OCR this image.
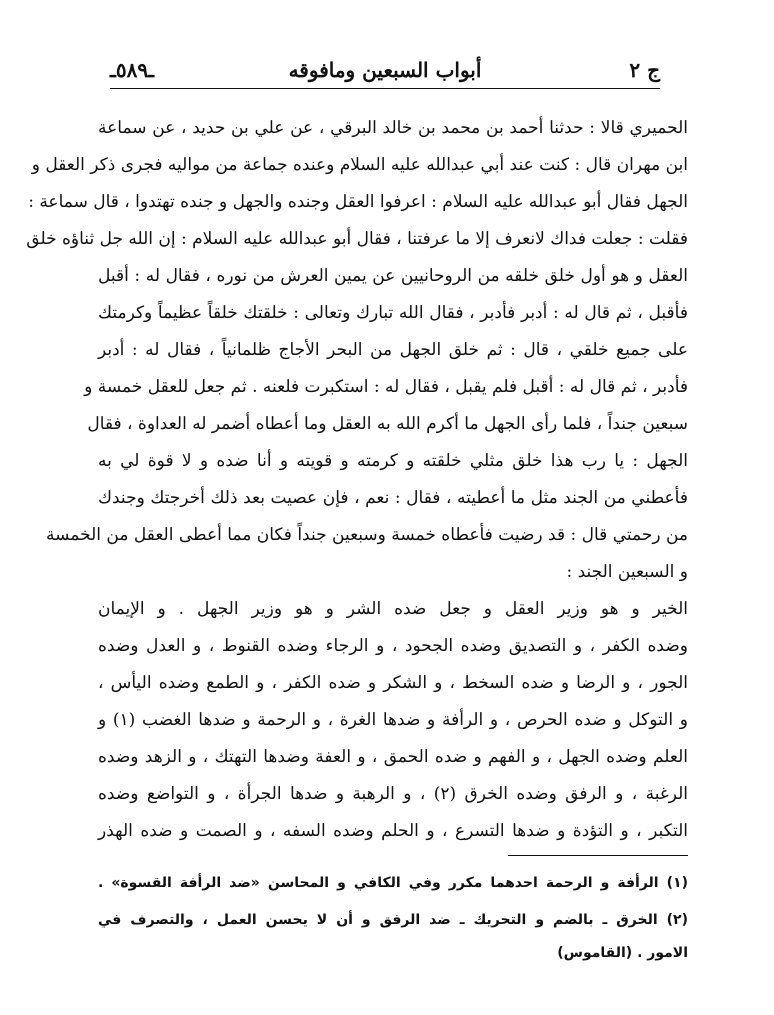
ج ٢
أبواب السبعين ومافوقه
ـ٥٨٩ـ
الحميري قالا : حدثنا أحمد بن محمد بن خالد البرقي ، عن علي بن حديد ، عن سماعة
ابن مهران قال : كنت عند أبي عبدالله عليه السلام وعنده جماعة من مواليه فجرى ذكر العقل و
الجهل فقال أبو عبدالله عليه السلام : اعرفوا العقل وجنده والجهل و جنده تهتدوا ، قال سماعة :
فقلت : جعلت فداك لانعرف إلا ما عرفتنا ، فقال أبو عبدالله عليه السلام : إن الله جل ثناؤه خلق
العقل و هو أول خلق خلقه من الروحانيين عن يمين العرش من نوره ، فقال له : أقبل
فأقبل ، ثم قال له : أدبر فأدبر ، فقال الله تبارك وتعالى : خلقتك خلقاً عظيماً وكرمتك
على جميع خلقي ، قال : ثم خلق الجهل من البحر الأجاج ظلمانياً ، فقال له : أدبر
فأدبر ، ثم قال له : أقبل فلم يقبل ، فقال له : استكبرت فلعنه . ثم جعل للعقل خمسة و
سبعين جنداً ، فلما رأى الجهل ما أكرم الله به العقل وما أعطاه أضمر له العداوة ، فقال
الجهل : يا رب هذا خلق مثلي خلقته و كرمته و قويته و أنا ضده و لا قوة لي به
فأعطني من الجند مثل ما أعطيته ، فقال : نعم ، فإن عصيت بعد ذلك أخرجتك وجندك
من رحمتي قال : قد رضيت فأعطاه خمسة وسبعين جنداً فكان مما أعطى العقل من الخمسة
و السبعين الجند :
الخير و هو وزير العقل و جعل ضده الشر و هو وزير الجهل . و الإيمان
وضده الكفر ، و التصديق وضده الجحود ، و الرجاء وضده القنوط ، و العدل وضده
الجور ، و الرضا و ضده السخط ، و الشكر و ضده الكفر ، و الطمع وضده اليأس ،
و التوكل و ضده الحرص ، و الرأفة و ضدها الغرة ، و الرحمة و ضدها الغضب (١) و
العلم وضده الجهل ، و الفهم و ضده الحمق ، و العفة وضدها التهتك ، و الزهد وضده
الرغبة ، و الرفق وضده الخرق (٢) ، و الرهبة و ضدها الجرأة ، و التواضع وضده
التكبر ، و التؤدة و ضدها التسرع ، و الحلم وضده السفه ، و الصمت و ضده الهذر
(١) الرأفة و الرحمة احدهما مكرر وفي الكافي و المحاسن «ضد الرأفة القسوة» .
(٢) الخرق ـ بالضم و التحريك ـ ضد الرفق و أن لا يحسن العمل ، والتصرف في
الامور . (القاموس)
